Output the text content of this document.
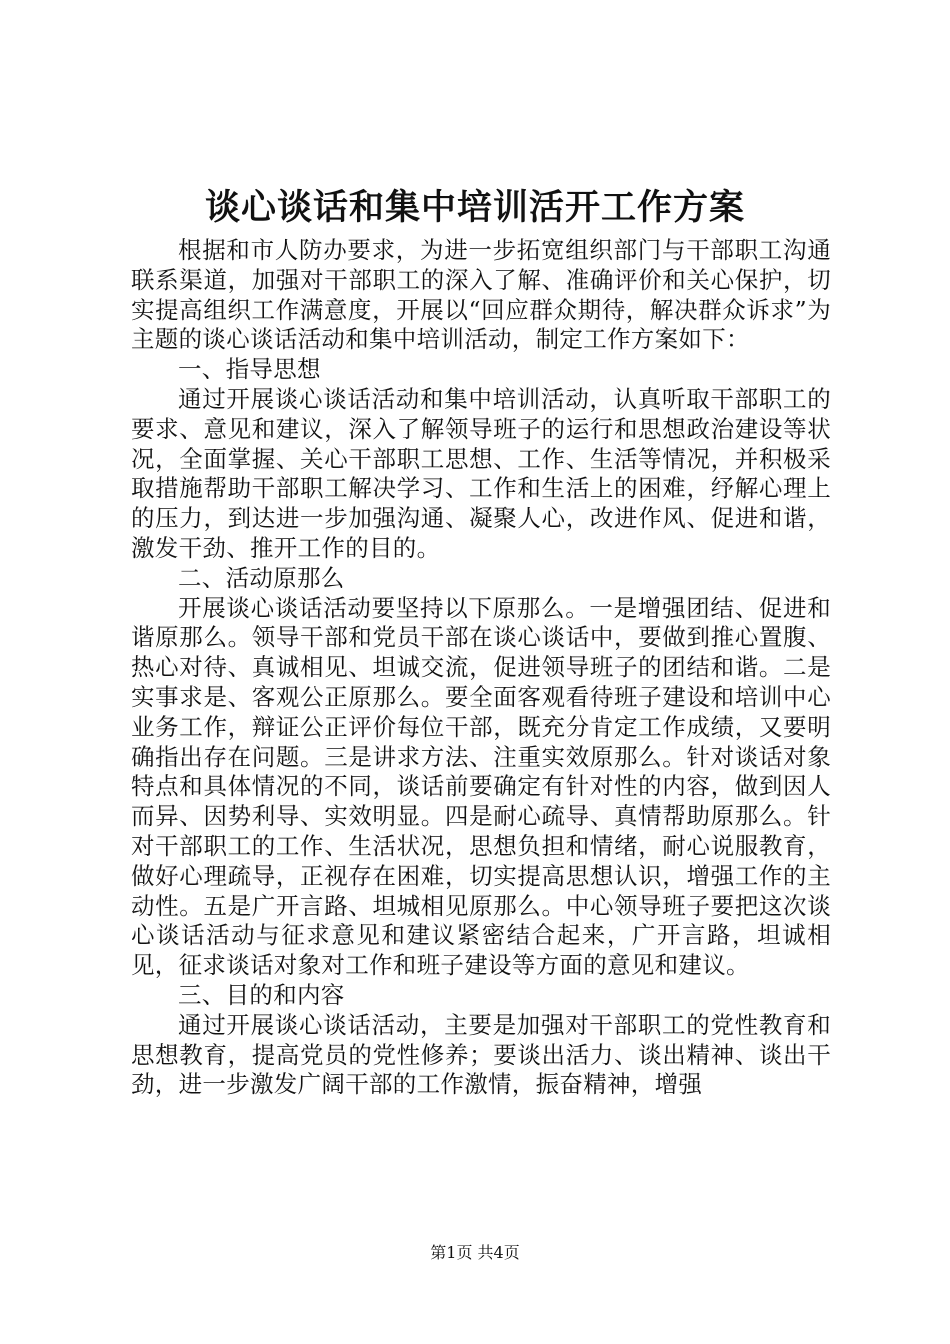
谈心谈话和集中培训活开工作方案

根据和市人防办要求，为进一步拓宽组织部门与干部职工沟通联系渠道，加强对干部职工的深入了解、准确评价和关心保护，切实提高组织工作满意度，开展以“回应群众期待，解决群众诉求”为主题的谈心谈话活动和集中培训活动，制定工作方案如下：

一、指导思想

通过开展谈心谈话活动和集中培训活动，认真听取干部职工的要求、意见和建议，深入了解领导班子的运行和思想政治建设等状况，全面掌握、关心干部职工思想、工作、生活等情况，并积极采取措施帮助干部职工解决学习、工作和生活上的困难，纾解心理上的压力，到达进一步加强沟通、凝聚人心，改进作风、促进和谐，激发干劲、推开工作的目的。

二、活动原那么

开展谈心谈话活动要坚持以下原那么。一是增强团结、促进和谐原那么。领导干部和党员干部在谈心谈话中，要做到推心置腹、热心对待、真诚相见、坦诚交流，促进领导班子的团结和谐。二是实事求是、客观公正原那么。要全面客观看待班子建设和培训中心业务工作，辩证公正评价每位干部，既充分肯定工作成绩，又要明确指出存在问题。三是讲求方法、注重实效原那么。针对谈话对象特点和具体情况的不同，谈话前要确定有针对性的内容，做到因人而异、因势利导、实效明显。四是耐心疏导、真情帮助原那么。针对干部职工的工作、生活状况，思想负担和情绪，耐心说服教育，做好心理疏导，正视存在困难，切实提高思想认识，增强工作的主动性。五是广开言路、坦城相见原那么。中心领导班子要把这次谈心谈话活动与征求意见和建议紧密结合起来，广开言路，坦诚相见，征求谈话对象对工作和班子建设等方面的意见和建议。

三、目的和内容

通过开展谈心谈话活动，主要是加强对干部职工的党性教育和思想教育，提高党员的党性修养；要谈出活力、谈出精神、谈出干劲，进一步激发广阔干部的工作激情，振奋精神，增强

第1页 共4页
